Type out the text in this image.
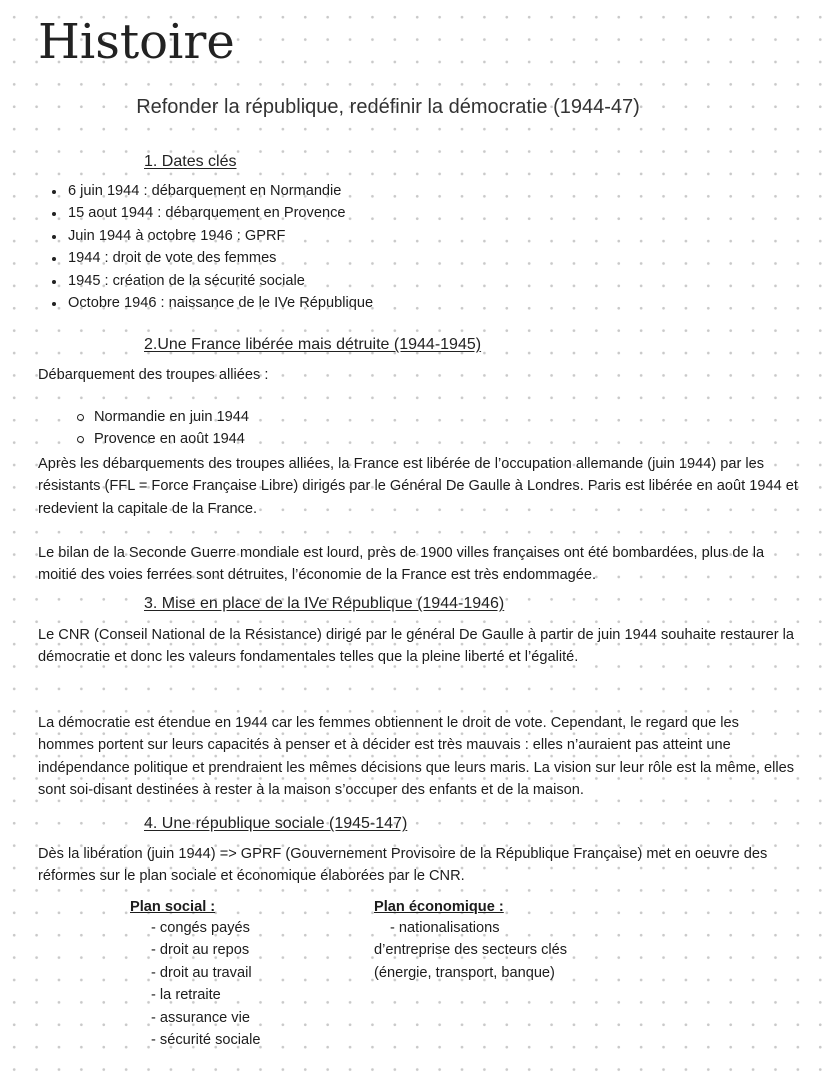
Histoire
Refonder la république, redéfinir la démocratie (1944-47)
1. Dates clés
6 juin 1944 : débarquement en Normandie
15 aout 1944 : débarquement en Provence
Juin 1944 à octobre 1946 : GPRF
1944 : droit de vote des femmes
1945 : création de la sécurité sociale
Octobre 1946 : naissance de le IVe République
2.Une France libérée mais détruite (1944-1945)
Débarquement des troupes alliées :
Normandie en juin 1944
Provence en août 1944
Après les débarquements des troupes alliées, la France est libérée de l’occupation allemande (juin 1944) par les résistants (FFL = Force Française Libre) dirigés par le Général De Gaulle à Londres. Paris est libérée en août 1944 et redevient la capitale de la France.
Le bilan de la Seconde Guerre mondiale est lourd, près de 1900 villes françaises ont été bombardées, plus de la moitié des voies ferrées sont détruites, l’économie de la France est très endommagée.
3. Mise en place de la IVe République (1944-1946)
Le CNR (Conseil National de la Résistance) dirigé par le général De Gaulle à partir de juin 1944 souhaite restaurer la démocratie et donc les valeurs fondamentales telles que la pleine liberté et l’égalité.
La démocratie est étendue en 1944 car les femmes obtiennent le droit de vote. Cependant, le regard que les hommes portent sur leurs capacités à penser et à décider est très mauvais : elles n’auraient pas atteint une indépendance politique et prendraient les mêmes décisions que leurs maris. La vision sur leur rôle est la même, elles sont soi-disant destinées à rester à la maison s’occuper des enfants et de la maison.
4. Une république sociale (1945-147)
Dès la libération (juin 1944) => GPRF (Gouvernement Provisoire de la République Française) met en oeuvre des réformes sur le plan sociale et économique élaborées par le CNR.
Plan social :
- congés payés
- droit au repos
- droit au travail
- la retraite
- assurance vie
- sécurité sociale
Plan économique :
- nationalisations
d’entreprise des secteurs clés
(énergie, transport, banque)
